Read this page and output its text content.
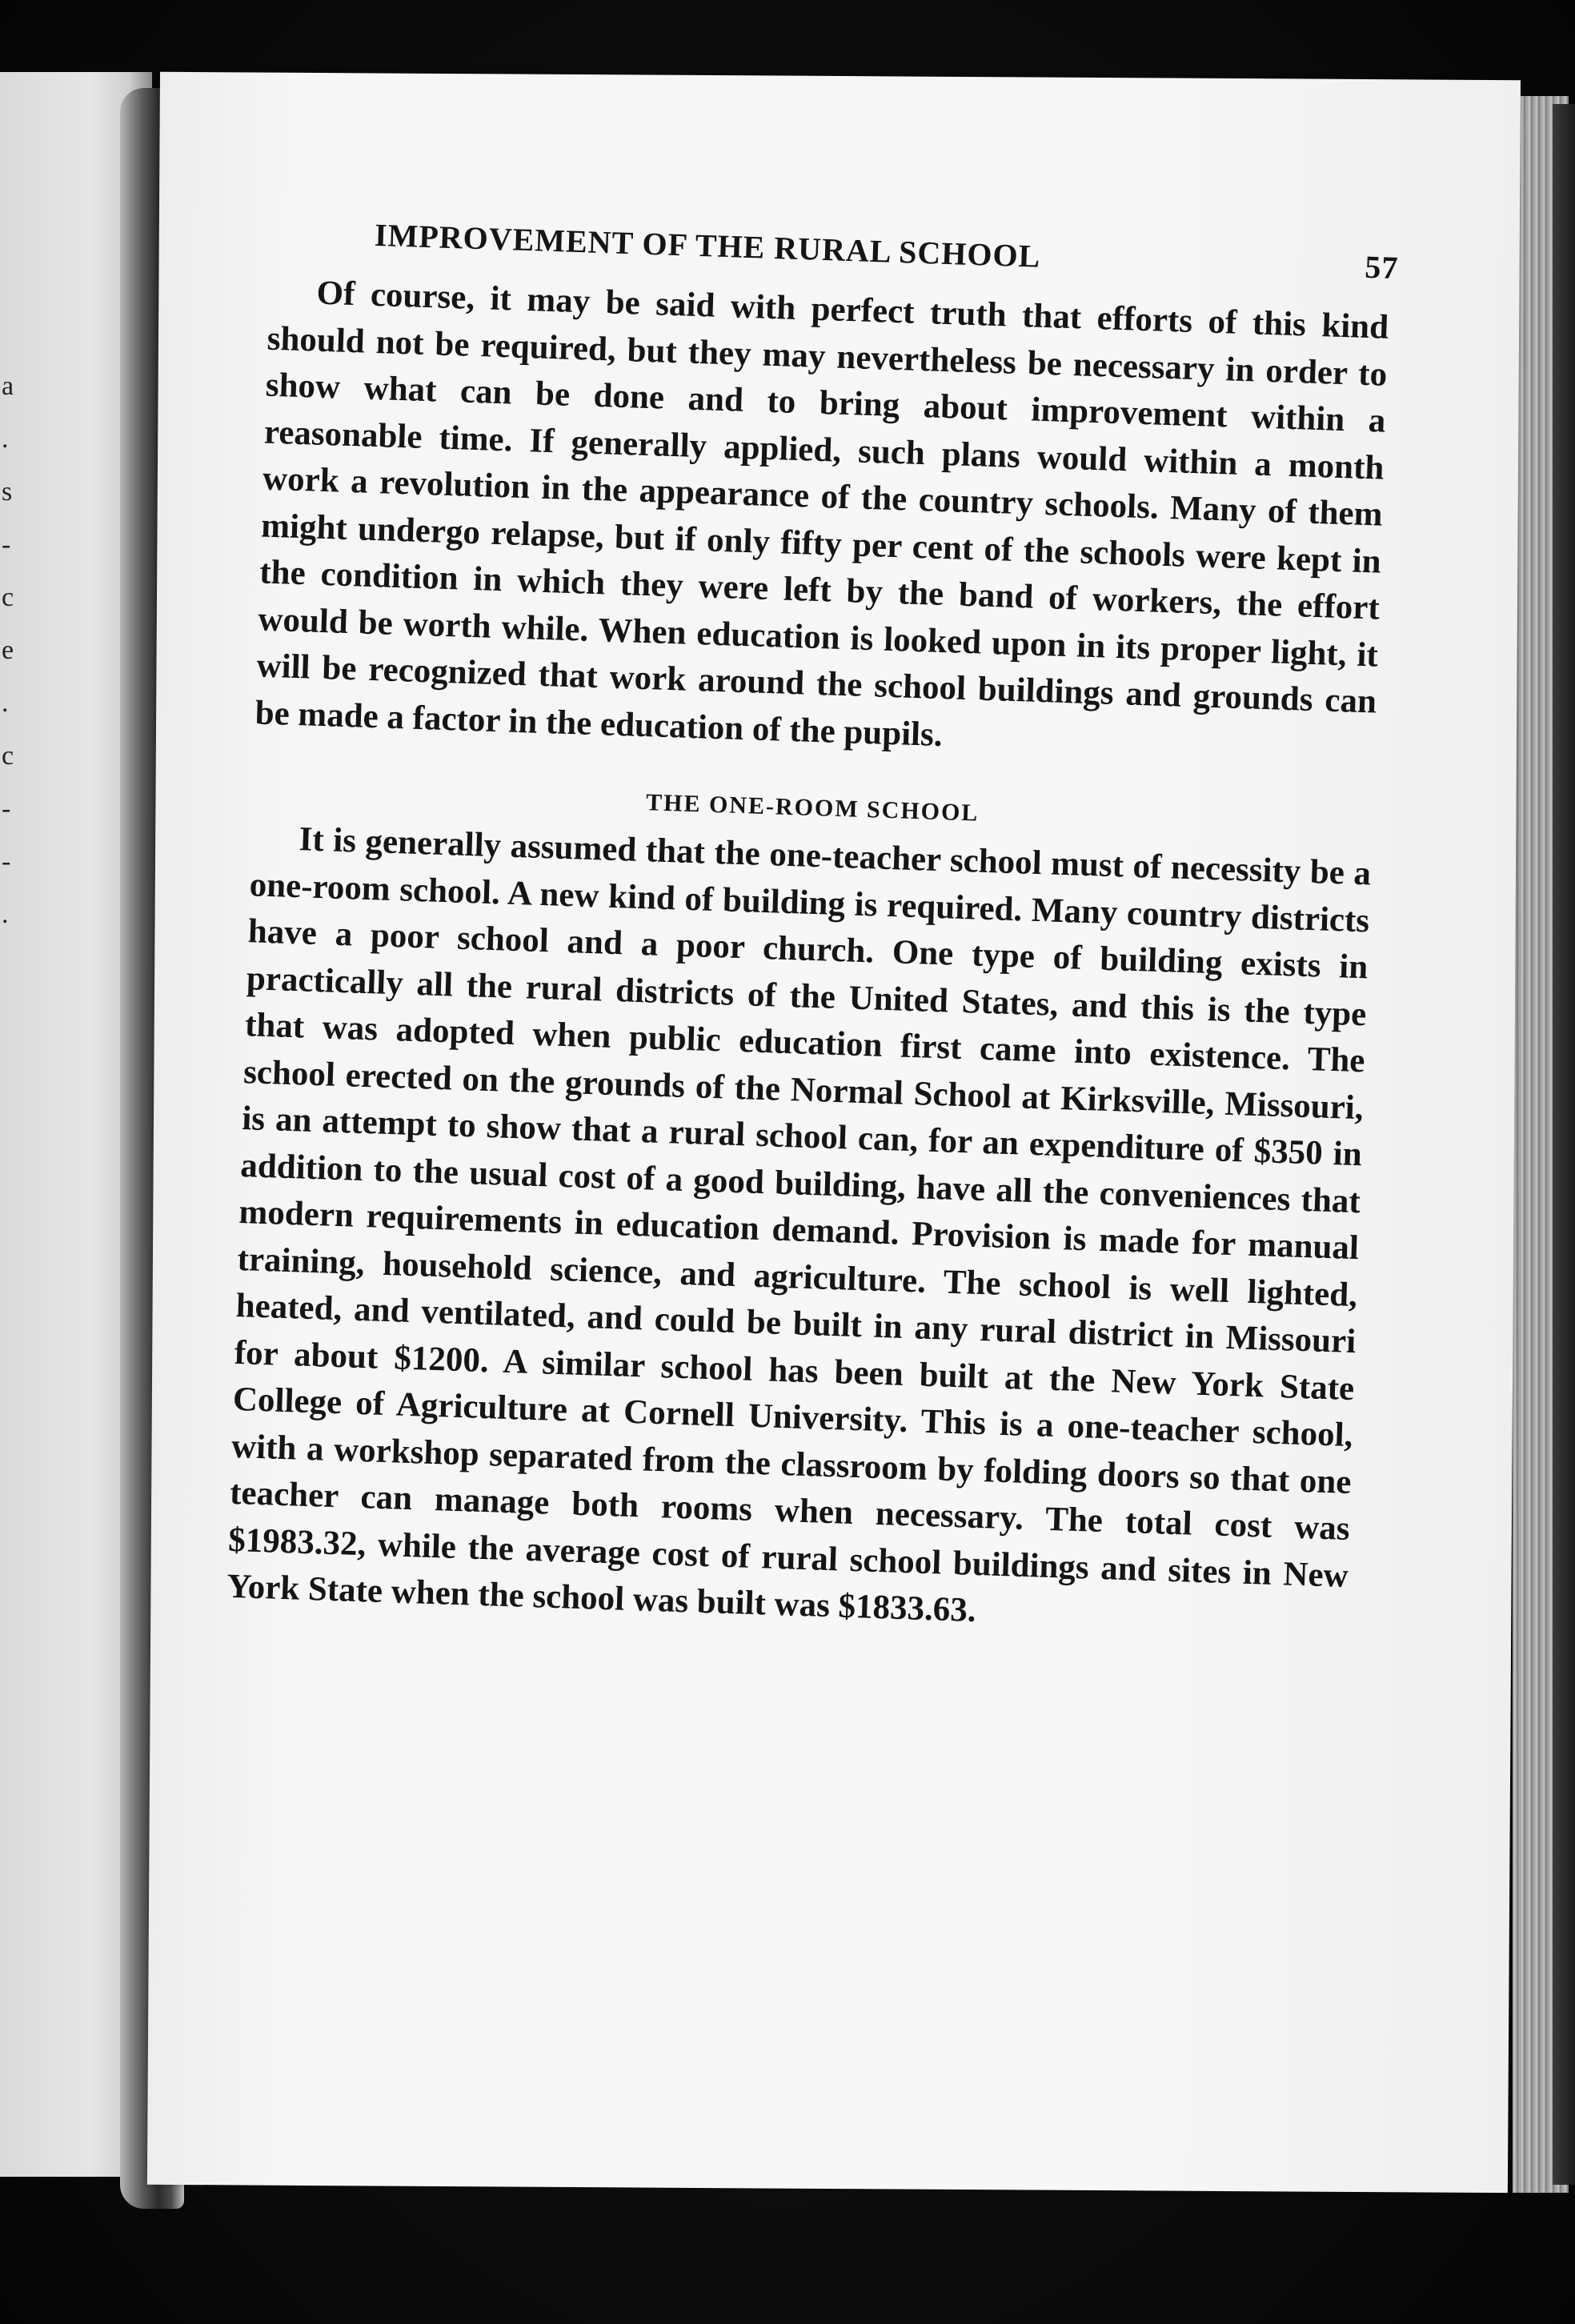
a . s - c e . c - - .
IMPROVEMENT OF THE RURAL SCHOOL	57

Of course, it may be said with perfect truth that efforts of this kind should not be required, but they may nevertheless be necessary in order to show what can be done and to bring about improvement within a reasonable time. If generally applied, such plans would within a month work a revolution in the appearance of the country schools. Many of them might undergo relapse, but if only fifty per cent of the schools were kept in the condition in which they were left by the band of workers, the effort would be worth while. When education is looked upon in its proper light, it will be recognized that work around the school buildings and grounds can be made a factor in the education of the pupils.

THE ONE-ROOM SCHOOL

It is generally assumed that the one-teacher school must of necessity be a one-room school. A new kind of building is required. Many country districts have a poor school and a poor church. One type of building exists in practically all the rural districts of the United States, and this is the type that was adopted when public education first came into existence. The school erected on the grounds of the Normal School at Kirksville, Missouri, is an attempt to show that a rural school can, for an expenditure of $350 in addition to the usual cost of a good building, have all the conveniences that modern requirements in education demand. Provision is made for manual training, household science, and agriculture. The school is well lighted, heated, and ventilated, and could be built in any rural district in Missouri for about $1200. A similar school has been built at the New York State College of Agriculture at Cornell University. This is a one-teacher school, with a workshop separated from the classroom by folding doors so that one teacher can manage both rooms when necessary. The total cost was $1983.32, while the average cost of rural school buildings and sites in New York State when the school was built was $1833.63.
